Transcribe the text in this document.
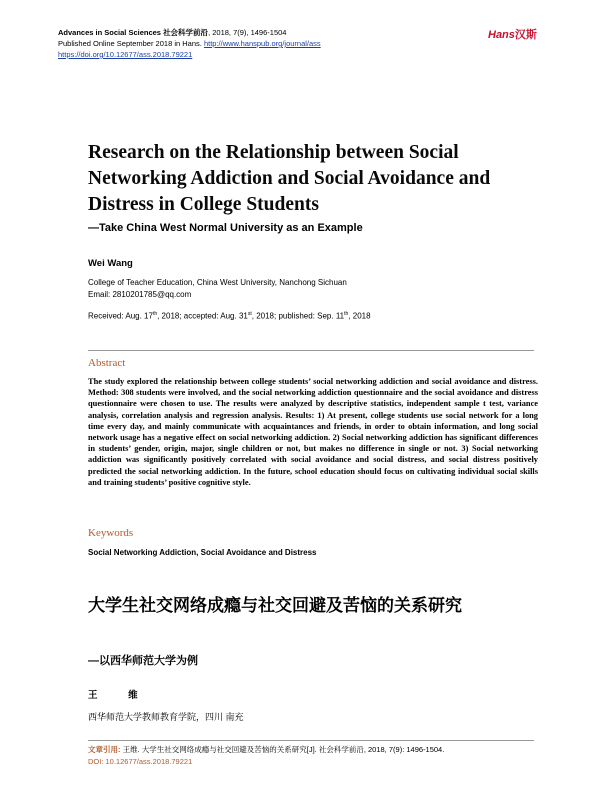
Advances in Social Sciences 社会科学前沿, 2018, 7(9), 1496-1504
Published Online September 2018 in Hans. http://www.hanspub.org/journal/ass
https://doi.org/10.12677/ass.2018.79221
Hans汉斯
Research on the Relationship between Social Networking Addiction and Social Avoidance and Distress in College Students
—Take China West Normal University as an Example
Wei Wang
College of Teacher Education, China West University, Nanchong Sichuan
Email: 2810201785@qq.com
Received: Aug. 17th, 2018; accepted: Aug. 31st, 2018; published: Sep. 11th, 2018
Abstract
The study explored the relationship between college students’ social networking addiction and social avoidance and distress. Method: 308 students were involved, and the social networking addiction questionnaire and the social avoidance and distress questionnaire were chosen to use. The results were analyzed by descriptive statistics, independent sample t test, variance analysis, correlation analysis and regression analysis. Results: 1) At present, college students use social network for a long time every day, and mainly communicate with acquaintances and friends, in order to obtain information, and long social network usage has a negative effect on social networking addiction. 2) Social networking addiction has significant differences in students’ gender, origin, major, single children or not, but makes no difference in single or not. 3) Social networking addiction was significantly positively correlated with social avoidance and social distress, and social distress positively predicted the social networking addiction. In the future, school education should focus on cultivating individual social skills and training students’ positive cognitive style.
Keywords
Social Networking Addiction, Social Avoidance and Distress
大学生社交网络成瘾与社交回避及苦恼的关系研究
—以西华师范大学为例
王 维
西华师范大学教师教育学院，四川 南充
文章引用: 王维. 大学生社交网络成瘾与社交回避及苦恼的关系研究[J]. 社会科学前沿, 2018, 7(9): 1496-1504.
DOI: 10.12677/ass.2018.79221
